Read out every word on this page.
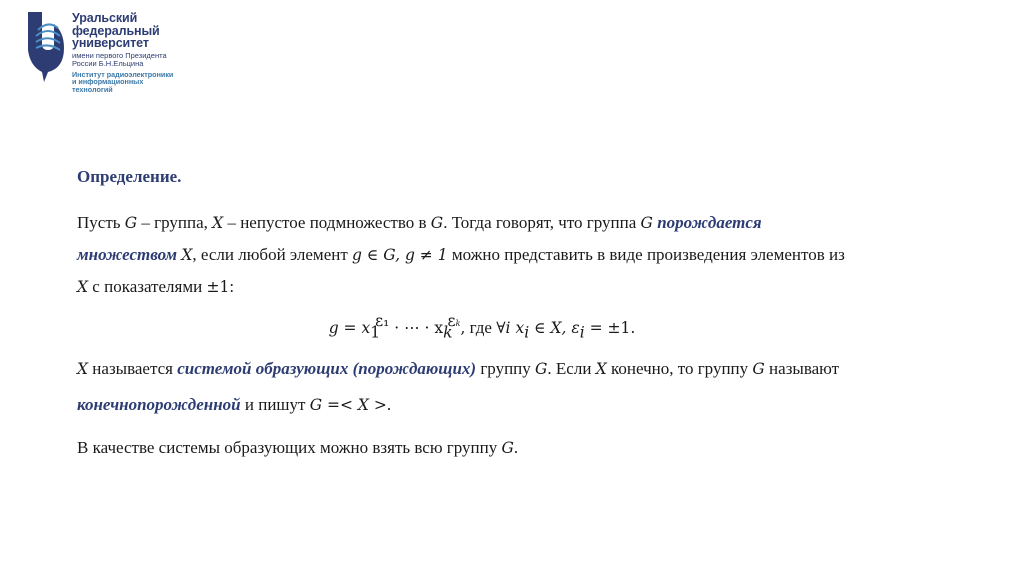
Уральский
федеральный
университет
имени первого Президента
России Б.Н.Ельцина
Институт радиоэлектроники
и информационных
технологий

Определение.

Пусть G – группа, X – непустое подмножество в G. Тогда говорят, что группа G порождается
множеством X, если любой элемент g ∈ G, g ≠ 1 можно представить в виде произведения элементов из
X с показателями ±1:

$g = x_1^{\varepsilon_1}$ · ⋯ · $x_k^{\varepsilon k}$, где ∀i $x_i$ ∈ X, $\varepsilon_i = \pm 1$.

X называется системой образующих (порождающих) группу G. Если X конечно, то группу G называют
конечнопорожденной и пишут G =< X >.

В качестве системы образующих можно взять всю группу G.
